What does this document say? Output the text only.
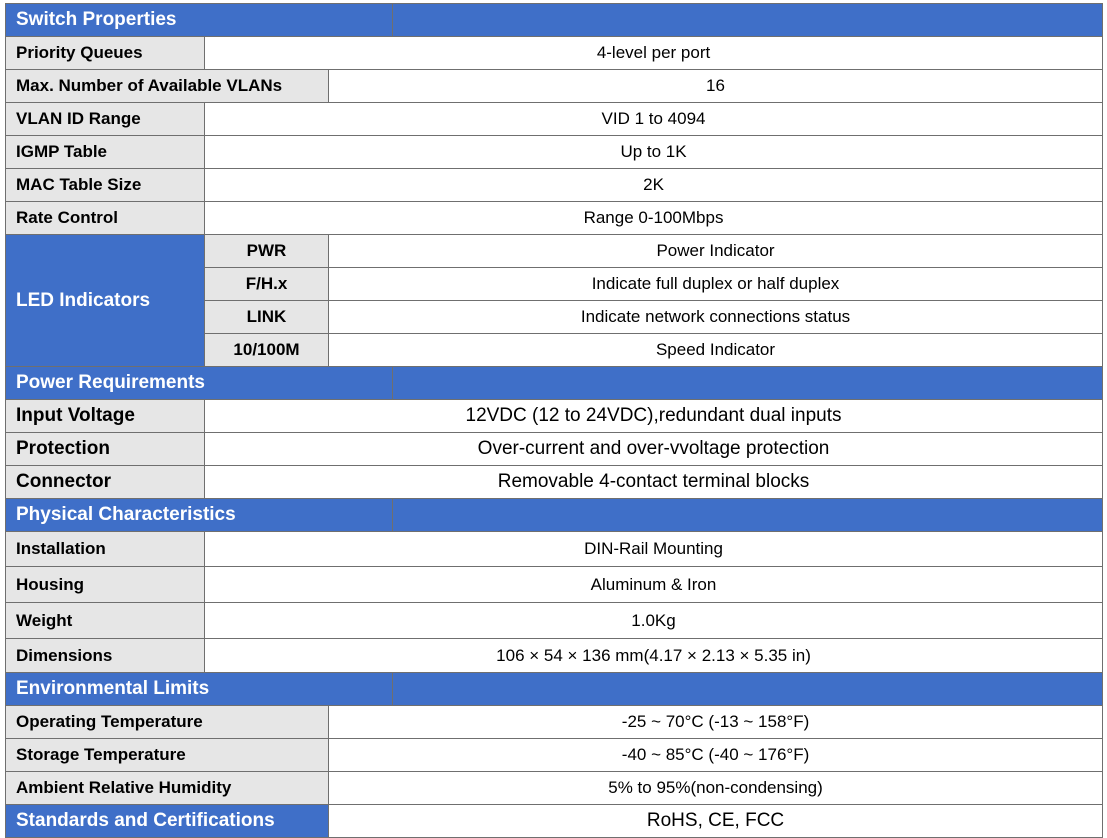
Switch Properties			
Priority Queues	4-level per port		
Max. Number of Available VLANs		16	
VLAN ID Range	VID 1 to 4094		
IGMP Table	Up to 1K		
MAC Table Size	2K		
Rate Control	Range 0-100Mbps		
LED Indicators	PWR	Power Indicator	
	F/H.x	Indicate full duplex or half duplex	
	LINK	Indicate network connections status	
	10/100M	Speed Indicator	
Power Requirements			
Input Voltage	12VDC (12 to 24VDC),redundant dual inputs		
Protection	Over-current and over-vvoltage protection		
Connector	Removable 4-contact terminal blocks		
Physical Characteristics			
Installation	DIN-Rail Mounting		
Housing	Aluminum & Iron		
Weight	1.0Kg		
Dimensions	106 × 54 × 136 mm(4.17 × 2.13 × 5.35 in)		
Environmental Limits			
Operating Temperature		-25 ~ 70°C (-13 ~ 158°F)	
Storage Temperature		-40 ~ 85°C (-40 ~ 176°F)	
Ambient Relative Humidity		5% to 95%(non-condensing)	
Standards and Certifications		RoHS, CE, FCC	
